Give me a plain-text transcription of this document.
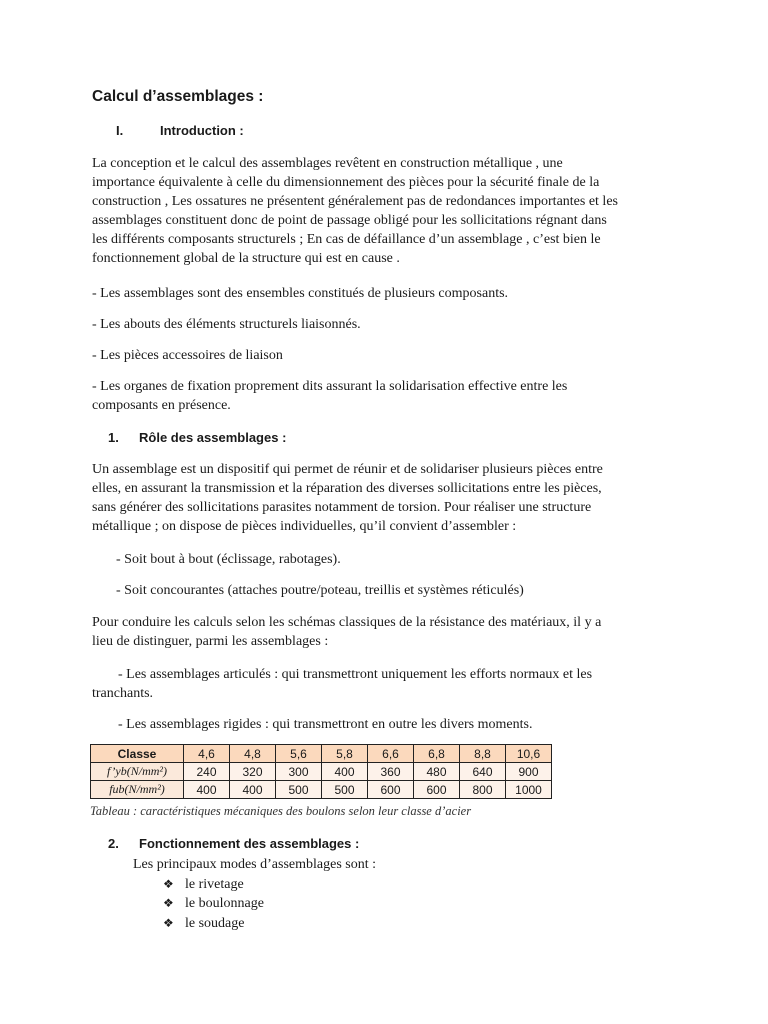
Calcul d’assemblages :
I.	Introduction :
La conception et le calcul des assemblages revêtent en construction métallique , une
importance équivalente à celle du dimensionnement des pièces pour la sécurité finale de la
construction , Les ossatures ne présentent généralement pas de redondances importantes et les
assemblages constituent donc de point de passage obligé pour les sollicitations régnant dans
les différents composants structurels ; En cas de défaillance d’un assemblage , c’est bien le
fonctionnement global de la structure qui est en cause .
- Les assemblages sont des ensembles constitués de plusieurs composants.
- Les abouts des éléments structurels liaisonnés.
- Les pièces accessoires de liaison
- Les organes de fixation proprement dits assurant la solidarisation effective entre les
composants en présence.
1. Rôle des assemblages :
Un assemblage est un dispositif qui permet de réunir et de solidariser plusieurs pièces entre
elles, en assurant la transmission et la réparation des diverses sollicitations entre les pièces,
sans générer des sollicitations parasites notamment de torsion. Pour réaliser une structure
métallique ; on dispose de pièces individuelles, qu’il convient d’assembler :
- Soit bout à bout (éclissage, rabotages).
- Soit concourantes (attaches poutre/poteau, treillis et systèmes réticulés)
Pour conduire les calculs selon les schémas classiques de la résistance des matériaux, il y a
lieu de distinguer, parmi les assemblages :
- Les assemblages articulés : qui transmettront uniquement les efforts normaux et les
tranchants.
- Les assemblages rigides : qui transmettront en outre les divers moments.
Classe	4,6	4,8	5,6	5,8	6,6	6,8	8,8	10,6
f’yb(N/mm²)	240	320	300	400	360	480	640	900
fub(N/mm²)	400	400	500	500	600	600	800	1000
Tableau : caractéristiques mécaniques des boulons selon leur classe d’acier
2. Fonctionnement des assemblages :
Les principaux modes d’assemblages sont :
❖ le rivetage
❖ le boulonnage
❖ le soudage
